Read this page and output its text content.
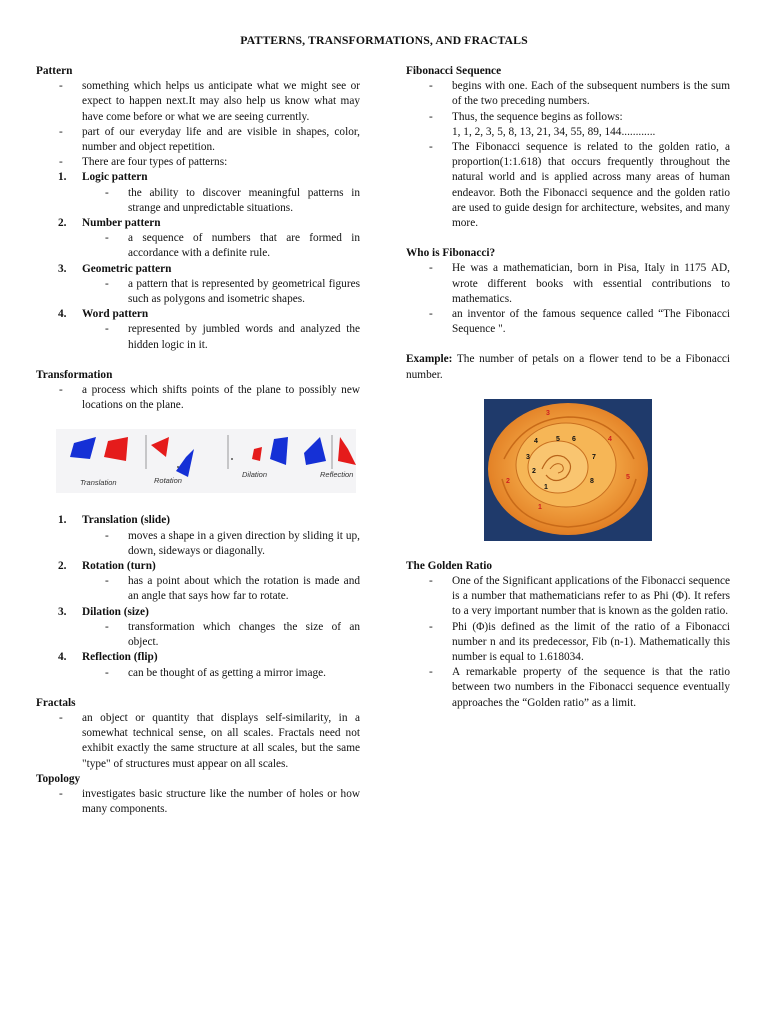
PATTERNS, TRANSFORMATIONS, AND FRACTALS
Pattern
- something which helps us anticipate what we might see or expect to happen next.It may also help us know what may have come before or what we are seeing currently.
- part of our everyday life and are visible in shapes, color, number and object repetition.
- There are four types of patterns:
1. Logic pattern
- the ability to discover meaningful patterns in strange and unpredictable situations.
2. Number pattern
- a sequence of numbers that are formed in accordance with a definite rule.
3. Geometric pattern
- a pattern that is represented by geometrical figures such as polygons and isometric shapes.
4. Word pattern
- represented by jumbled words and analyzed the hidden logic in it.
Transformation
- a process which shifts points of the plane to possibly new locations on the plane.
Translation	Rotation
Dilation	Reflection
1. Translation (slide)
- moves a shape in a given direction by sliding it up, down, sideways or diagonally.
2. Rotation (turn)
- has a point about which the rotation is made and an angle that says how far to rotate.
3. Dilation (size)
- transformation which changes the size of an object.
4. Reflection (flip)
- can be thought of as getting a mirror image.
Fractals
- an object or quantity that displays self-similarity, in a somewhat technical sense, on all scales. Fractals need not exhibit exactly the same structure at all scales, but the same "type" of structures must appear on all scales.
Topology
- investigates basic structure like the number of holes or how many components.
Fibonacci Sequence
- begins with one. Each of the subsequent numbers is the sum of the two preceding numbers.
- Thus, the sequence begins as follows:
1, 1, 2, 3, 5, 8, 13, 21, 34, 55, 89, 144............
- The Fibonacci sequence is related to the golden ratio, a proportion(1:1.618) that occurs frequently throughout the natural world and is applied across many areas of human endeavor. Both the Fibonacci sequence and the golden ratio are used to guide design for architecture, websites, and many more.
Who is Fibonacci?
- He was a mathematician, born in Pisa, Italy in 1175 AD, wrote different books with essential contributions to mathematics.
- an inventor of the famous sequence called “The Fibonacci Sequence ".
Example: The number of petals on a flower tend to be a Fibonacci number.
1
2
3
4	5 6
7
8
1
2
3
4
5
The Golden Ratio
- One of the Significant applications of the Fibonacci sequence is a number that mathematicians refer to as Phi (Φ). It refers to a very important number that is known as the golden ratio.
- Phi (Φ)is defined as the limit of the ratio of a Fibonacci number n and its predecessor, Fib (n-1). Mathematically this number is equal to 1.618034.
- A remarkable property of the sequence is that the ratio between two numbers in the Fibonacci sequence eventually approaches the “Golden ratio” as a limit.
